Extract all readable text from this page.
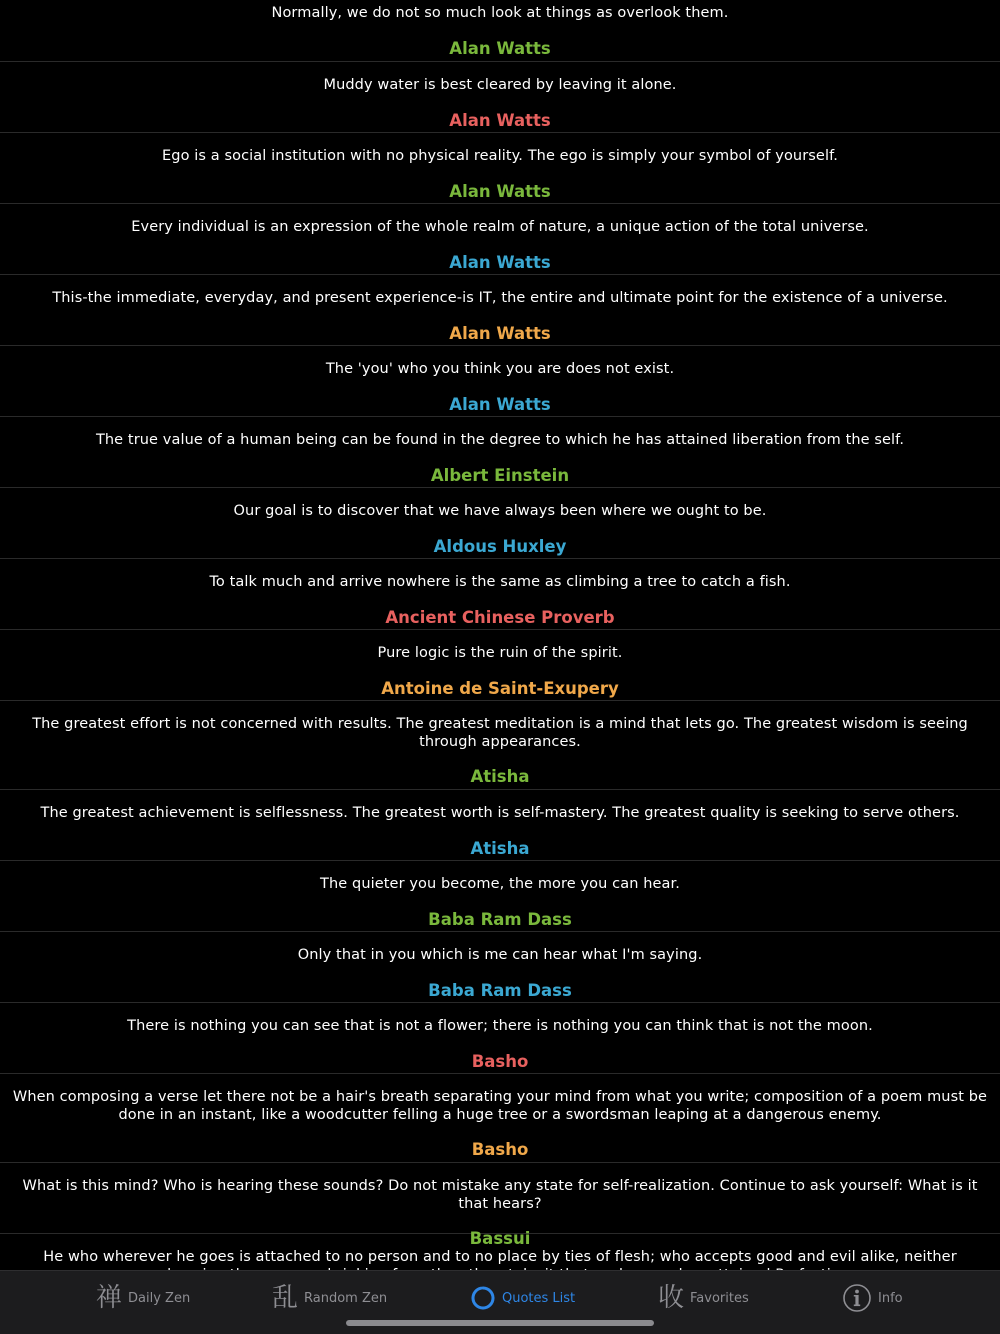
Normally, we do not so much look at things as overlook them.
Alan Watts
Muddy water is best cleared by leaving it alone.
Alan Watts
Ego is a social institution with no physical reality. The ego is simply your symbol of yourself.
Alan Watts
Every individual is an expression of the whole realm of nature, a unique action of the total universe.
Alan Watts
This-the immediate, everyday, and present experience-is IT, the entire and ultimate point for the existence of a universe.
Alan Watts
The 'you' who you think you are does not exist.
Alan Watts
The true value of a human being can be found in the degree to which he has attained liberation from the self.
Albert Einstein
Our goal is to discover that we have always been where we ought to be.
Aldous Huxley
To talk much and arrive nowhere is the same as climbing a tree to catch a fish.
Ancient Chinese Proverb
Pure logic is the ruin of the spirit.
Antoine de Saint-Exupery
The greatest effort is not concerned with results. The greatest meditation is a mind that lets go. The greatest wisdom is seeing through appearances.
Atisha
The greatest achievement is selflessness. The greatest worth is self-mastery. The greatest quality is seeking to serve others.
Atisha
The quieter you become, the more you can hear.
Baba Ram Dass
Only that in you which is me can hear what I'm saying.
Baba Ram Dass
There is nothing you can see that is not a flower; there is nothing you can think that is not the moon.
Basho
When composing a verse let there not be a hair's breath separating your mind from what you write; composition of a poem must be done in an instant, like a woodcutter felling a huge tree or a swordsman leaping at a dangerous enemy.
Basho
What is this mind? Who is hearing these sounds? Do not mistake any state for self-realization. Continue to ask yourself: What is it that hears?
Bassui
He who wherever he goes is attached to no person and to no place by ties of flesh; who accepts good and evil alike, neither
禅 Daily Zen	乱 Random Zen	Quotes List	收 Favorites	Info
